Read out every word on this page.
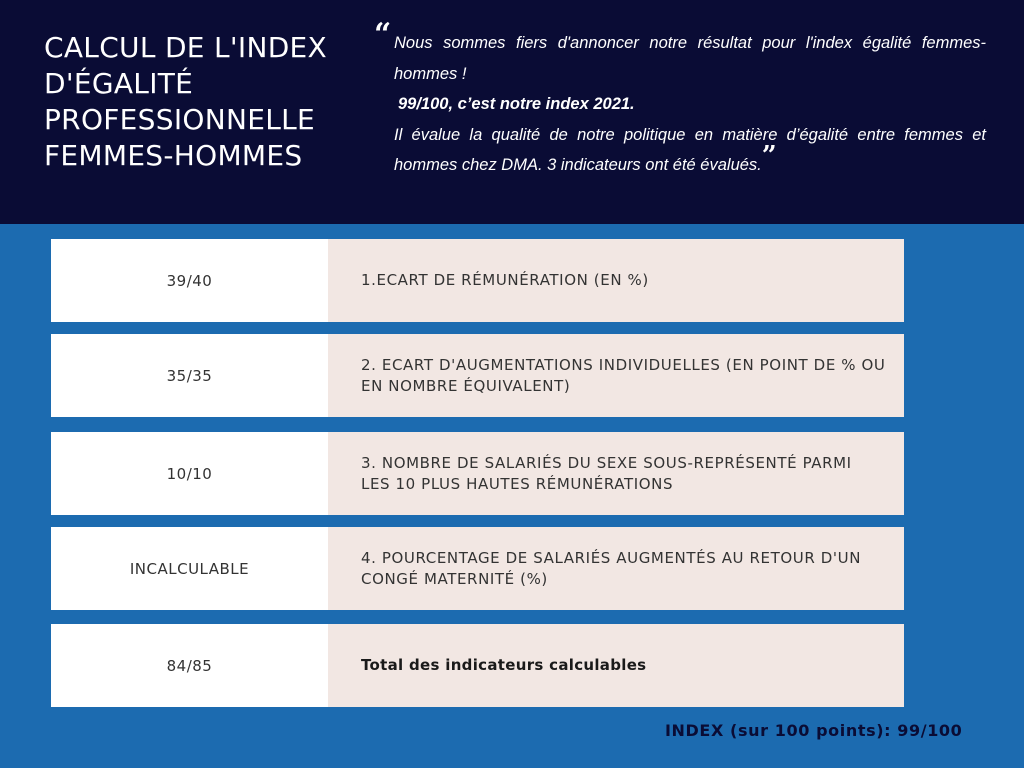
CALCUL DE L'INDEX D'ÉGALITÉ PROFESSIONNELLE FEMMES-HOMMES
“ Nous sommes fiers d'annoncer notre résultat pour l'index égalité femmes-hommes !

99/100, c’est notre index 2021.

Il évalue la qualité de notre politique en matière d’égalité entre femmes et hommes chez DMA. 3 indicateurs ont été évalués.”

39/40	1.ECART DE RÉMUNÉRATION (EN %)
35/35
2. ECART D'AUGMENTATIONS INDIVIDUELLES (EN POINT DE % OU EN NOMBRE ÉQUIVALENT)
10/10
3. NOMBRE DE SALARIÉS DU SEXE SOUS-REPRÉSENTÉ PARMI LES 10 PLUS HAUTES RÉMUNÉRATIONS
INCALCULABLE
4. POURCENTAGE DE SALARIÉS AUGMENTÉS AU RETOUR D'UN CONGÉ MATERNITÉ (%)
84/85	Total des indicateurs calculables
INDEX (sur 100 points): 99/100
